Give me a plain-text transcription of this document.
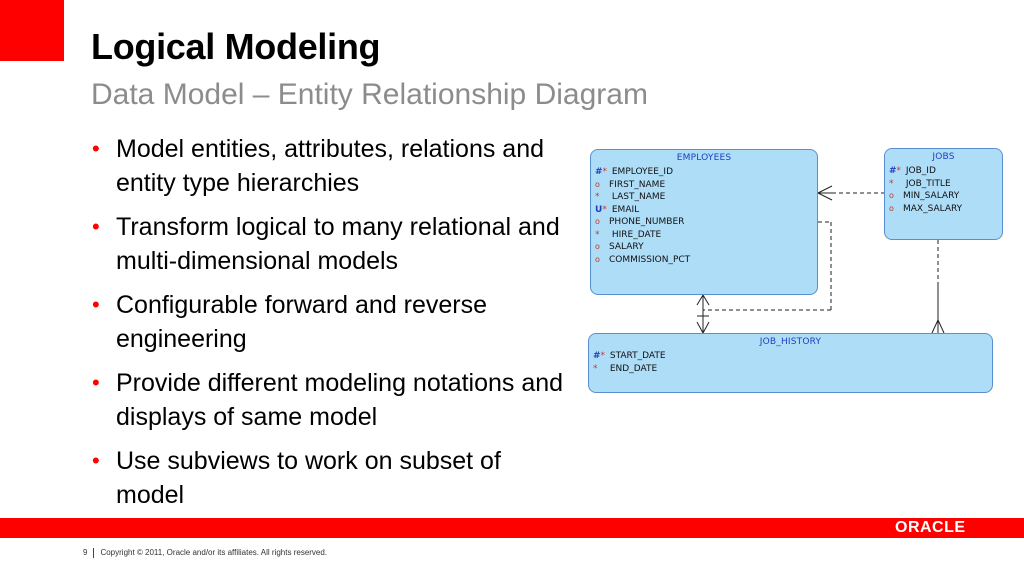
Logical Modeling
Data Model – Entity Relationship Diagram
• Model entities, attributes, relations and entity type hierarchies
• Transform logical to many relational and multi-dimensional models
• Configurable forward and reverse engineering
• Provide different modeling notations and displays of same model
• Use subviews to work on subset of model
EMPLOYEES
#* EMPLOYEE_ID
o FIRST_NAME
* LAST_NAME
U* EMAIL
o PHONE_NUMBER
* HIRE_DATE
o SALARY
o COMMISSION_PCT
JOBS
#* JOB_ID
* JOB_TITLE
o MIN_SALARY
o MAX_SALARY
JOB_HISTORY
#* START_DATE
* END_DATE
ORACLE
9 Copyright © 2011, Oracle and/or its affiliates. All rights reserved.
